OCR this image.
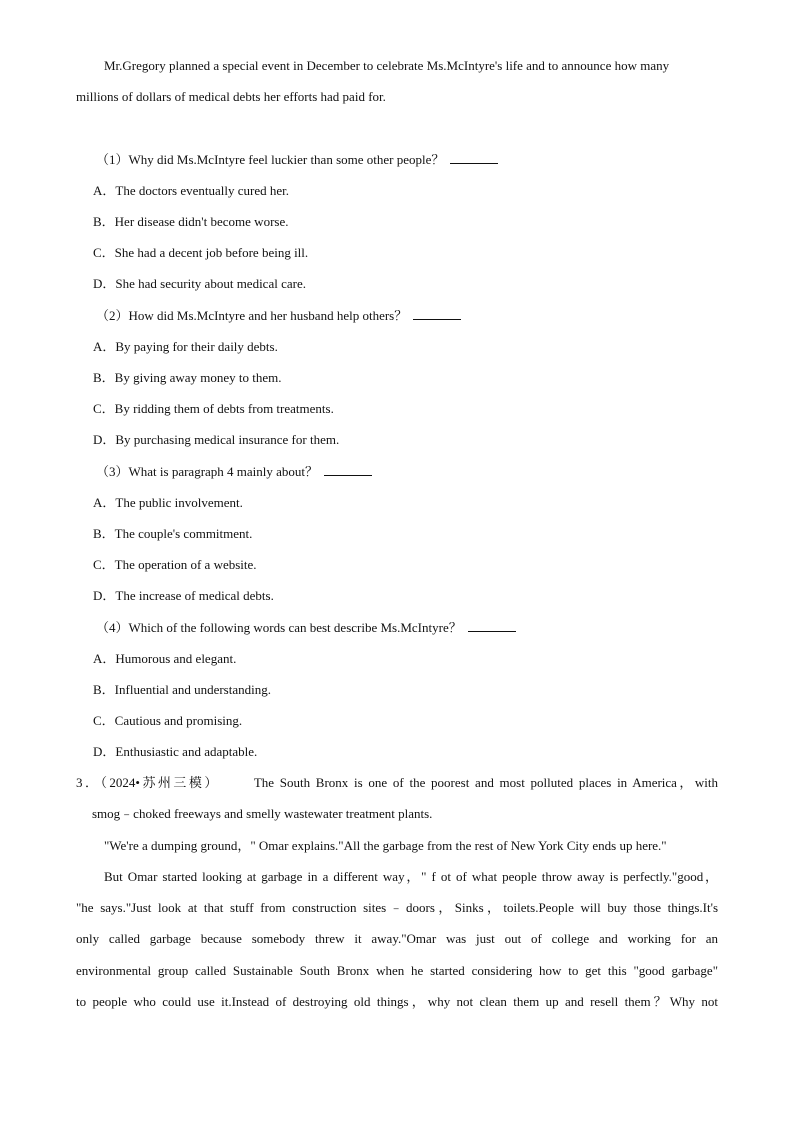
Mr.Gregory planned a special event in December to celebrate Ms.McIntyre's life and to announce how many
millions of dollars of medical debts her efforts had paid for.
（1）Why did Ms.McIntyre feel luckier than some other people？
A．The doctors eventually cured her.
B．Her disease didn't become worse.
C．She had a decent job before being ill.
D．She had security about medical care.
（2）How did Ms.McIntyre and her husband help others？
A．By paying for their daily debts.
B．By giving away money to them.
C．By ridding them of debts from treatments.
D．By purchasing medical insurance for them.
（3）What is paragraph 4 mainly about？
A．The public involvement.
B．The couple's commitment.
C．The operation of a website.
D．The increase of medical debts.
（4）Which of the following words can best describe Ms.McIntyre？
A．Humorous and elegant.
B．Influential and understanding.
C．Cautious and promising.
D．Enthusiastic and adaptable.
3．（2024•苏州三模）	The South Bronx is one of the poorest and most polluted places in America，with
smog﹣choked freeways and smelly wastewater treatment plants.
"We're a dumping ground，" Omar explains."All the garbage from the rest of New York City ends up here."
But Omar started looking at garbage in a different way，" f ot of what people throw away is perfectly."good，
"he says."Just look at that stuff from construction sites﹣doors，Sinks，toilets.People will buy those things.It's
only called garbage because somebody threw it away."Omar was just out of college and working for an
environmental group called Sustainable South Bronx when he started considering how to get this "good garbage"
to people who could use it.Instead of destroying old things，why not clean them up and resell them？Why not
